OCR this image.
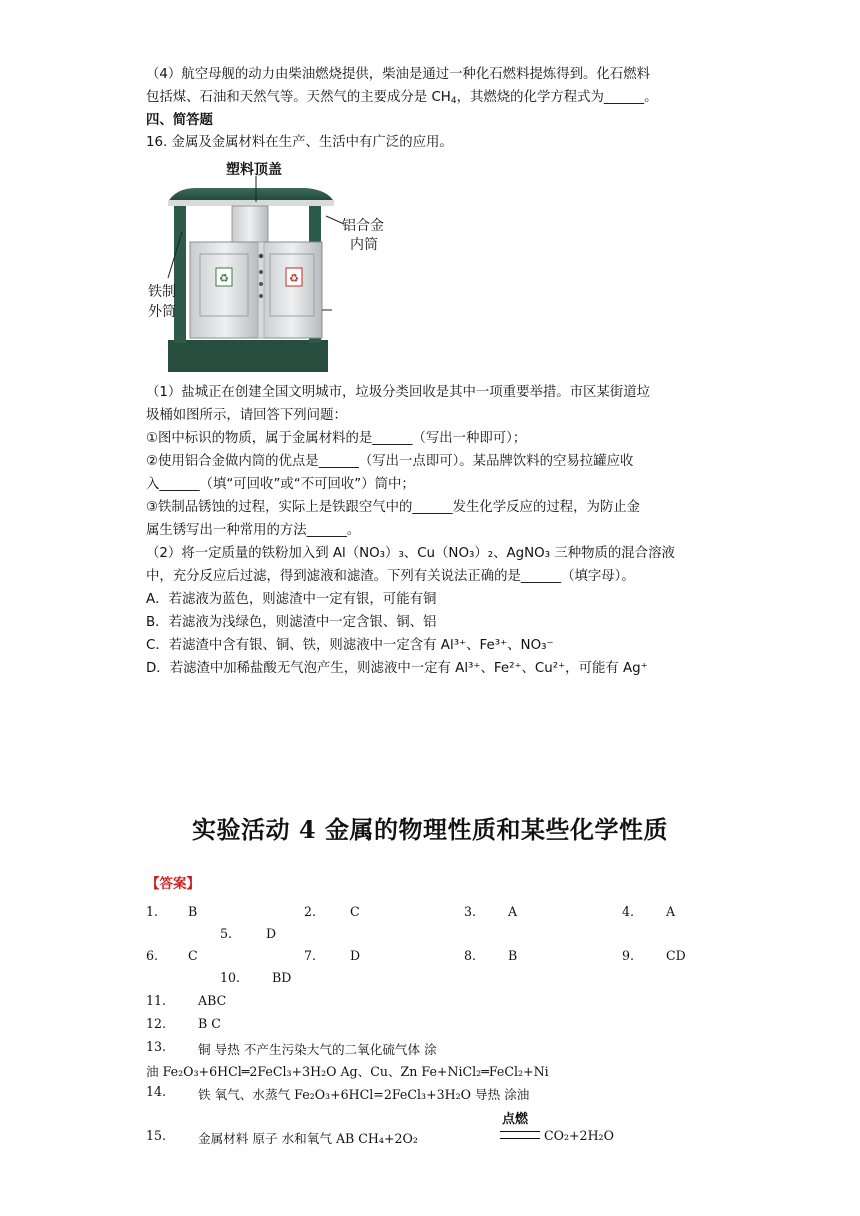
（4）航空母舰的动力由柴油燃烧提供，柴油是通过一种化石燃料提炼得到。化石燃料
包括煤、石油和天然气等。天然气的主要成分是 $CH_4$，其燃烧的化学方程式为______。
四、简答题
16. 金属及金属材料在生产、生活中有广泛的应用。
♻	♻
塑料顶盖
铝合金
内筒
铁制
外筒
（1）盐城正在创建全国文明城市，垃圾分类回收是其中一项重要举措。市区某街道垃
圾桶如图所示，请回答下列问题：
①图中标识的物质，属于金属材料的是______（写出一种即可）；
②使用铝合金做内筒的优点是______（写出一点即可）。某品牌饮料的空易拉罐应收
入______（填“可回收”或“不可回收”）筒中；
③铁制品锈蚀的过程，实际上是铁跟空气中的______发生化学反应的过程，为防止金
属生锈写出一种常用的方法______。
（2）将一定质量的铁粉加入到 Al（NO₃）₃、Cu（NO₃）₂、AgNO₃ 三种物质的混合溶液
中，充分反应后过滤，得到滤液和滤渣。下列有关说法正确的是______（填字母）。
A．若滤液为蓝色，则滤渣中一定有银，可能有铜
B．若滤液为浅绿色，则滤渣中一定含银、铜、铝
C．若滤渣中含有银、铜、铁，则滤液中一定含有 Al³⁺、Fe³⁺、NO₃⁻
D．若滤渣中加稀盐酸无气泡产生，则滤液中一定有 Al³⁺、Fe²⁺、Cu²⁺，可能有 Ag⁺
实验活动 4 金属的物理性质和某些化学性质
【答案】
1. B	2.	C	3.	A	4.	A
5.	D
6. C	7.	D	8.	B	9.	CD
10.	BD
11.	ABC
12.	B C
13.	铜 导热 不产生污染大气的二氧化硫气体 涂
油 Fe₂O₃+6HCl═2FeCl₃+3H₂O Ag、Cu、Zn Fe+NiCl₂═FeCl₂+Ni
14.	铁 氧气、水蒸气 Fe₂O₃+6HCl=2FeCl₃+3H₂O 导热 涂油
15.	金属材料 原子 水和氧气 AB CH₄+2O₂
点燃
CO₂+2H₂O
